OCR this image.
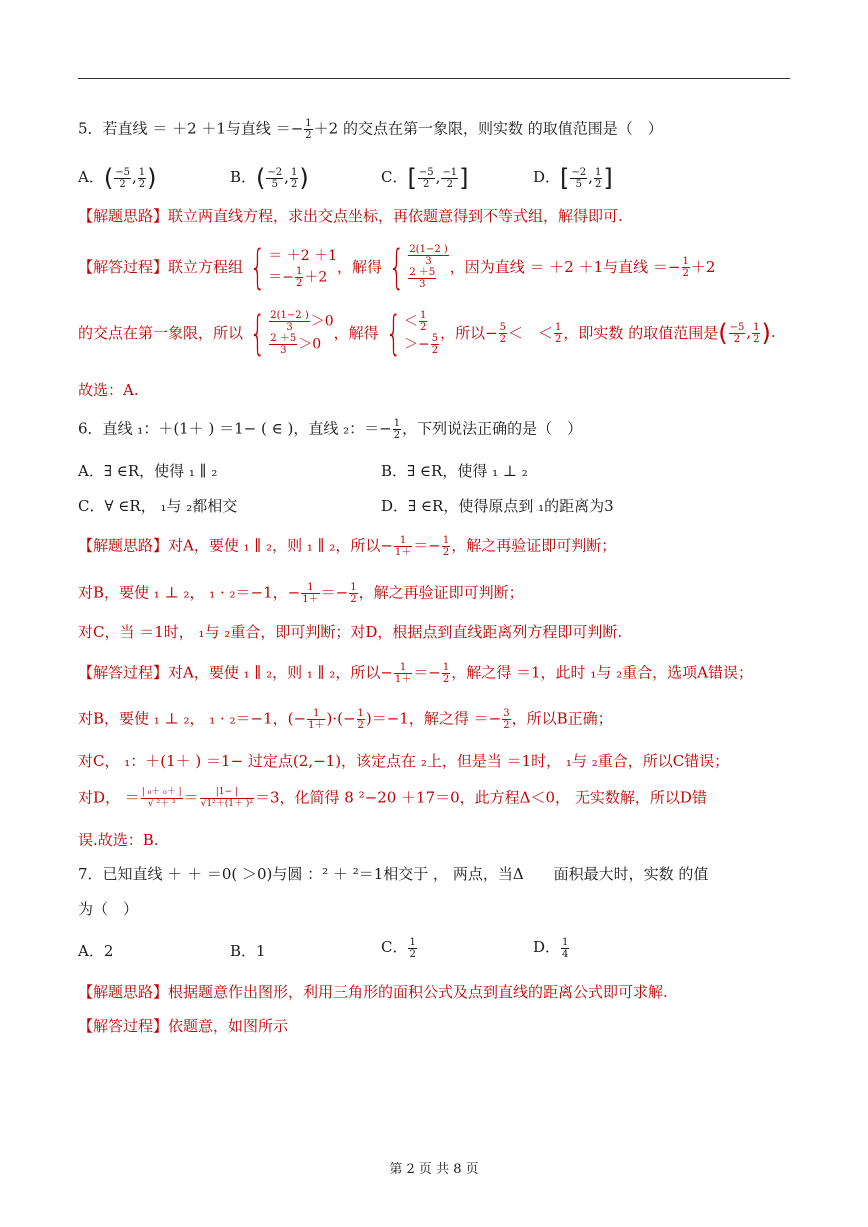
5．若直线 ＝ ＋2 ＋1与直线 ＝− $\frac{1}{2} +2$ 的交点在第一象限，则实数 的取值范围是（　）
A．( $\frac{-5}{2}$ , $\frac{1}{2}$ )	B．( $\frac{-2}{5}$ , $\frac{1}{2}$ )	C．[ $\frac{-5}{2}$ , $\frac{-1}{2}$ ]	D．[ $\frac{-2}{5}$ , $\frac{1}{2}$ ]
【解题思路】联立两直线方程，求出交点坐标，再依题意得到不等式组，解得即可.
【解答过程】联立方程组 { ＝ ＋2 ＋1
＝− $\frac{1}{2} +2$
，解得 { $\frac{2(1-2 )}{3}$
$\frac{2 +5}{3}$ ，因为直线 ＝ ＋2 ＋1与直线 ＝− $\frac{1}{2} +2$
的交点在第一象限，所以 { $\frac{2(1-2 )}{3} >0$
$\frac{2 +5}{3} >0$
，解得 { ＜ $\frac{1}{2}$
＞− $\frac{5}{2}$ ，所以− $\frac{5}{2}$ ＜　＜ $\frac{1}{2}$ ，即实数 的取值范围是( $\frac{-5}{2}$ , $\frac{1}{2}$ ).
故选：A.
6．直线 ₁：＋(1＋ ) ＝1− ( ∈ )，直线 ₂：＝− $\frac{1}{2}$ ，下列说法正确的是（　）
A．∃ ∈R，使得 ₁ ∥ ₂	B．∃ ∈R，使得 ₁ ⊥ ₂
C．∀ ∈R， ₁与 ₂都相交	D．∃ ∈R，使得原点到 ₁的距离为3
【解题思路】对A，要使 ₁ ∥ ₂，则 ₁ ∥ ₂，所以− $\frac{1}{1+} =- \frac{1}{2}$ ，解之再验证即可判断；
对B，要使 ₁ ⊥ ₂， ₁ · ₂＝−1，− $\frac{1}{1+} =- \frac{1}{2}$ ，解之再验证即可判断；
对C，当 ＝1时， ₁与 ₂重合，即可判断；对D，根据点到直线距离列方程即可判断.
【解答过程】对A，要使 ₁ ∥ ₂，则 ₁ ∥ ₂，所以− $\frac{1}{1+} =- \frac{1}{2}$ ，解之得 ＝1，此时 ₁与 ₂重合，选项A错误；
对B，要使 ₁ ⊥ ₂， ₁ · ₂＝−1，(− $\frac{1}{1+}$ )·(− $\frac{1}{2} )=-1$，解之得 ＝− $\frac{3}{2}$ ，所以B正确；
对C， ₁：＋(1＋ ) ＝1− 过定点(2,−1)，该定点在 ₂上，但是当 ＝1时， ₁与 ₂重合，所以C错误；
对D， ＝ $\frac{\text{| ₀＋ ₀＋ |}}{\text{√ ²＋ ²}} = \frac{|1- |}{\text{√1²＋(1＋ )²}} =3$，化简得 8 ²−20 ＋17＝0，此方程Δ＜0， 无实数解，所以D错
误.故选：B.
7．已知直线 ＋ ＋ ＝0( ＞0)与圆 ：² ＋ ²＝1相交于 ， 两点，当Δ　　面积最大时，实数 的值
为（　）
A．2	B．1	C． $\frac{1}{2}$	D． $\frac{1}{4}$
【解题思路】根据题意作出图形，利用三角形的面积公式及点到直线的距离公式即可求解.
【解答过程】依题意，如图所示
第 2 页 共 8 页
